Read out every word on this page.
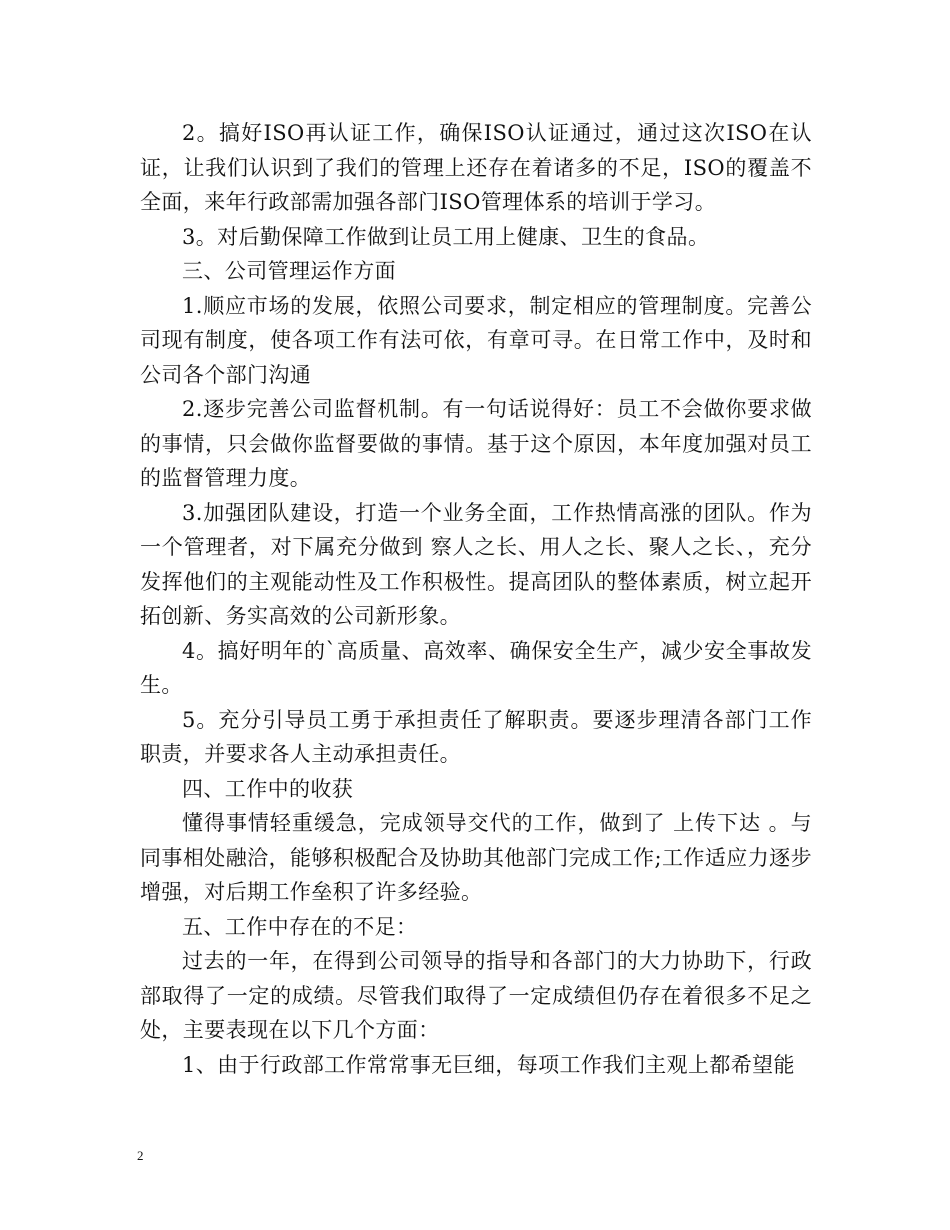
2。搞好ISO再认证工作，确保ISO认证通过，通过这次ISO在认证，让我们认识到了我们的管理上还存在着诸多的不足，ISO的覆盖不全面，来年行政部需加强各部门ISO管理体系的培训于学习。

3。对后勤保障工作做到让员工用上健康、卫生的食品。

三、公司管理运作方面

1.顺应市场的发展，依照公司要求，制定相应的管理制度。完善公司现有制度，使各项工作有法可依，有章可寻。在日常工作中，及时和公司各个部门沟通

2.逐步完善公司监督机制。有一句话说得好：员工不会做你要求做的事情，只会做你监督要做的事情。基于这个原因，本年度加强对员工的监督管理力度。

3.加强团队建设，打造一个业务全面，工作热情高涨的团队。作为一个管理者，对下属充分做到 察人之长、用人之长、聚人之长、，充分发挥他们的主观能动性及工作积极性。提高团队的整体素质，树立起开拓创新、务实高效的公司新形象。

4。搞好明年的`高质量、高效率、确保安全生产，减少安全事故发生。

5。充分引导员工勇于承担责任了解职责。要逐步理清各部门工作职责，并要求各人主动承担责任。

四、工作中的收获

懂得事情轻重缓急，完成领导交代的工作，做到了 上传下达 。与同事相处融洽，能够积极配合及协助其他部门完成工作;工作适应力逐步增强，对后期工作垒积了许多经验。

五、工作中存在的不足：

过去的一年，在得到公司领导的指导和各部门的大力协助下，行政部取得了一定的成绩。尽管我们取得了一定成绩但仍存在着很多不足之处，主要表现在以下几个方面：

1、由于行政部工作常常事无巨细，每项工作我们主观上都希望能

2
